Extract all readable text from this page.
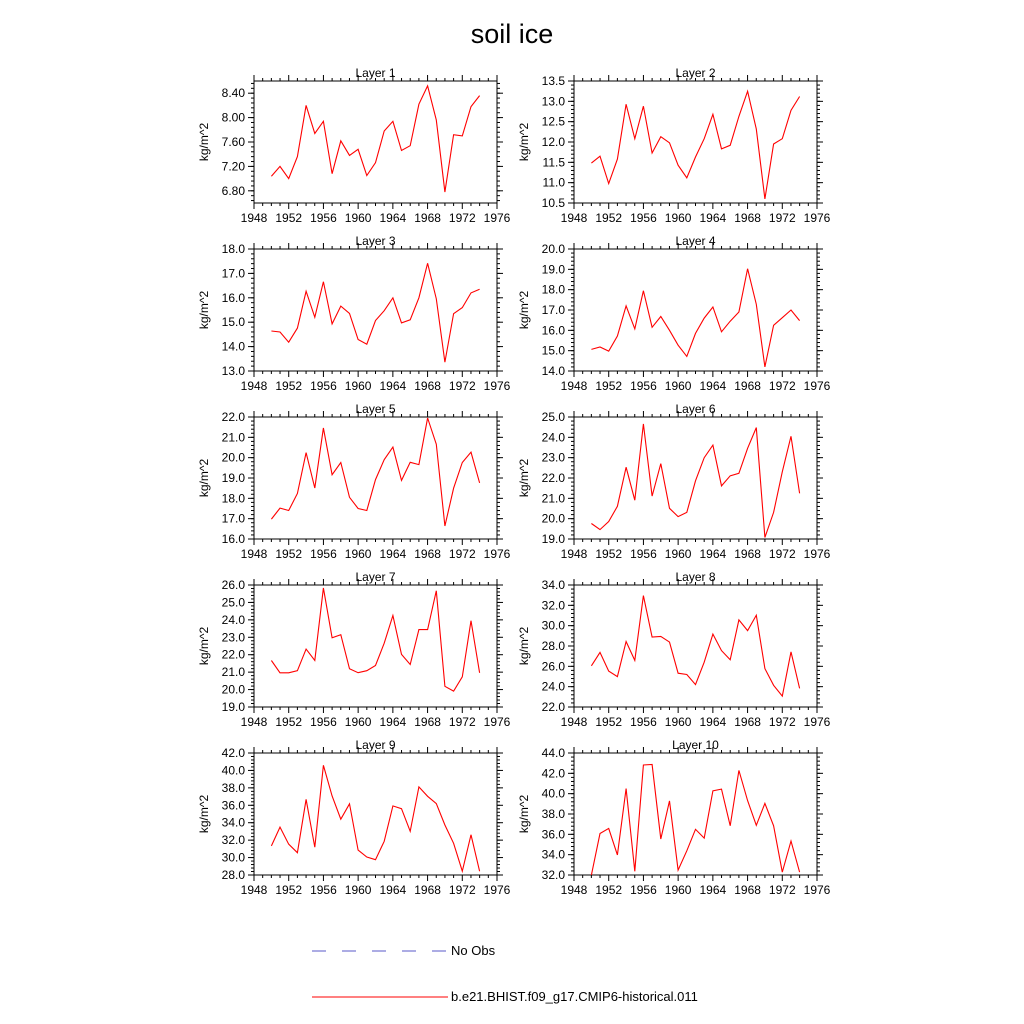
soil ice
Layer 1
1948 1952 1956 1960 1964 1968 1972 1976
6.80
7.20
7.60
8.00
8.40
kg/m^2
Layer 2
1948 1952 1956 1960 1964 1968 1972 1976
10.5
11.0
11.5
12.0
12.5
13.0
13.5
kg/m^2
Layer 3
1948 1952 1956 1960 1964 1968 1972 1976
13.0
14.0
15.0
16.0
17.0
18.0
kg/m^2
Layer 4
1948 1952 1956 1960 1964 1968 1972 1976
14.0
15.0
16.0
17.0
18.0
19.0
20.0
kg/m^2
Layer 5
1948 1952 1956 1960 1964 1968 1972 1976
16.0
17.0
18.0
19.0
20.0
21.0
22.0
kg/m^2
Layer 6
1948 1952 1956 1960 1964 1968 1972 1976
19.0
20.0
21.0
22.0
23.0
24.0
25.0
kg/m^2
Layer 7
1948 1952 1956 1960 1964 1968 1972 1976
19.0
20.0
21.0
22.0
23.0
24.0
25.0
26.0
kg/m^2
Layer 8
1948 1952 1956 1960 1964 1968 1972 1976
22.0
24.0
26.0
28.0
30.0
32.0
34.0
kg/m^2
Layer 9
1948 1952 1956 1960 1964 1968 1972 1976
28.0
30.0
32.0
34.0
36.0
38.0
40.0
42.0
kg/m^2
Layer 10
1948 1952 1956 1960 1964 1968 1972 1976
32.0
34.0
36.0
38.0
40.0
42.0
44.0
kg/m^2
No Obs
b.e21.BHIST.f09_g17.CMIP6-historical.011
